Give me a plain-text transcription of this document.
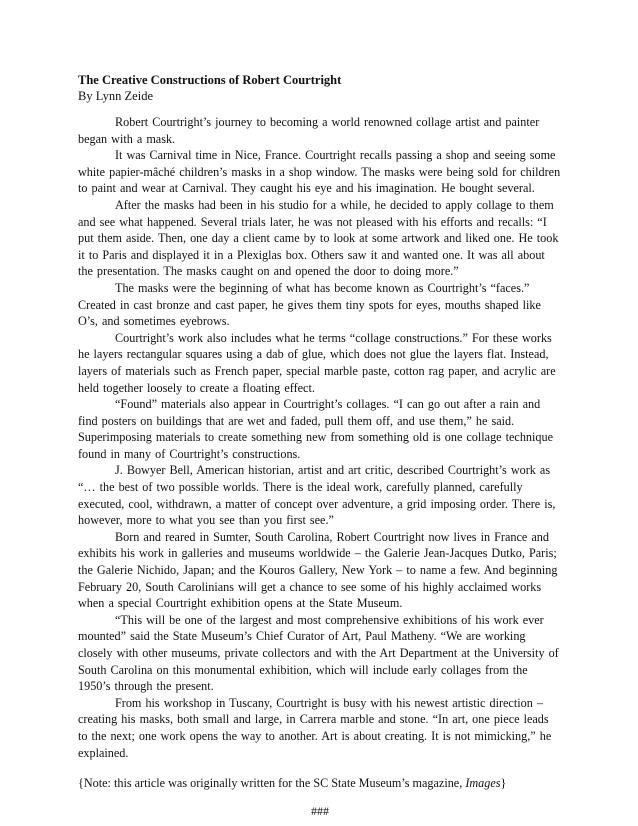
The Creative Constructions of Robert Courtright

By Lynn Zeide

Robert Courtright’s journey to becoming a world renowned collage artist and painter began with a mask.

It was Carnival time in Nice, France. Courtright recalls passing a shop and seeing some white papier-mâché children’s masks in a shop window. The masks were being sold for children to paint and wear at Carnival. They caught his eye and his imagination. He bought several.

After the masks had been in his studio for a while, he decided to apply collage to them and see what happened. Several trials later, he was not pleased with his efforts and recalls: “I put them aside. Then, one day a client came by to look at some artwork and liked one. He took it to Paris and displayed it in a Plexiglas box. Others saw it and wanted one. It was all about the presentation. The masks caught on and opened the door to doing more.”

The masks were the beginning of what has become known as Courtright’s “faces.” Created in cast bronze and cast paper, he gives them tiny spots for eyes, mouths shaped like O’s, and sometimes eyebrows.

Courtright’s work also includes what he terms “collage constructions.” For these works he layers rectangular squares using a dab of glue, which does not glue the layers flat. Instead, layers of materials such as French paper, special marble paste, cotton rag paper, and acrylic are held together loosely to create a floating effect.

“Found” materials also appear in Courtright’s collages. “I can go out after a rain and find posters on buildings that are wet and faded, pull them off, and use them,” he said. Superimposing materials to create something new from something old is one collage technique found in many of Courtright’s constructions.

J. Bowyer Bell, American historian, artist and art critic, described Courtright’s work as “… the best of two possible worlds. There is the ideal work, carefully planned, carefully executed, cool, withdrawn, a matter of concept over adventure, a grid imposing order. There is, however, more to what you see than you first see.”

Born and reared in Sumter, South Carolina, Robert Courtright now lives in France and exhibits his work in galleries and museums worldwide – the Galerie Jean-Jacques Dutko, Paris; the Galerie Nichido, Japan; and the Kouros Gallery, New York – to name a few. And beginning February 20, South Carolinians will get a chance to see some of his highly acclaimed works when a special Courtright exhibition opens at the State Museum.

“This will be one of the largest and most comprehensive exhibitions of his work ever mounted” said the State Museum’s Chief Curator of Art, Paul Matheny. “We are working closely with other museums, private collectors and with the Art Department at the University of South Carolina on this monumental exhibition, which will include early collages from the 1950’s through the present.

From his workshop in Tuscany, Courtright is busy with his newest artistic direction – creating his masks, both small and large, in Carrera marble and stone. “In art, one piece leads to the next; one work opens the way to another. Art is about creating. It is not mimicking,” he explained.

{Note: this article was originally written for the SC State Museum’s magazine, Images}

###
